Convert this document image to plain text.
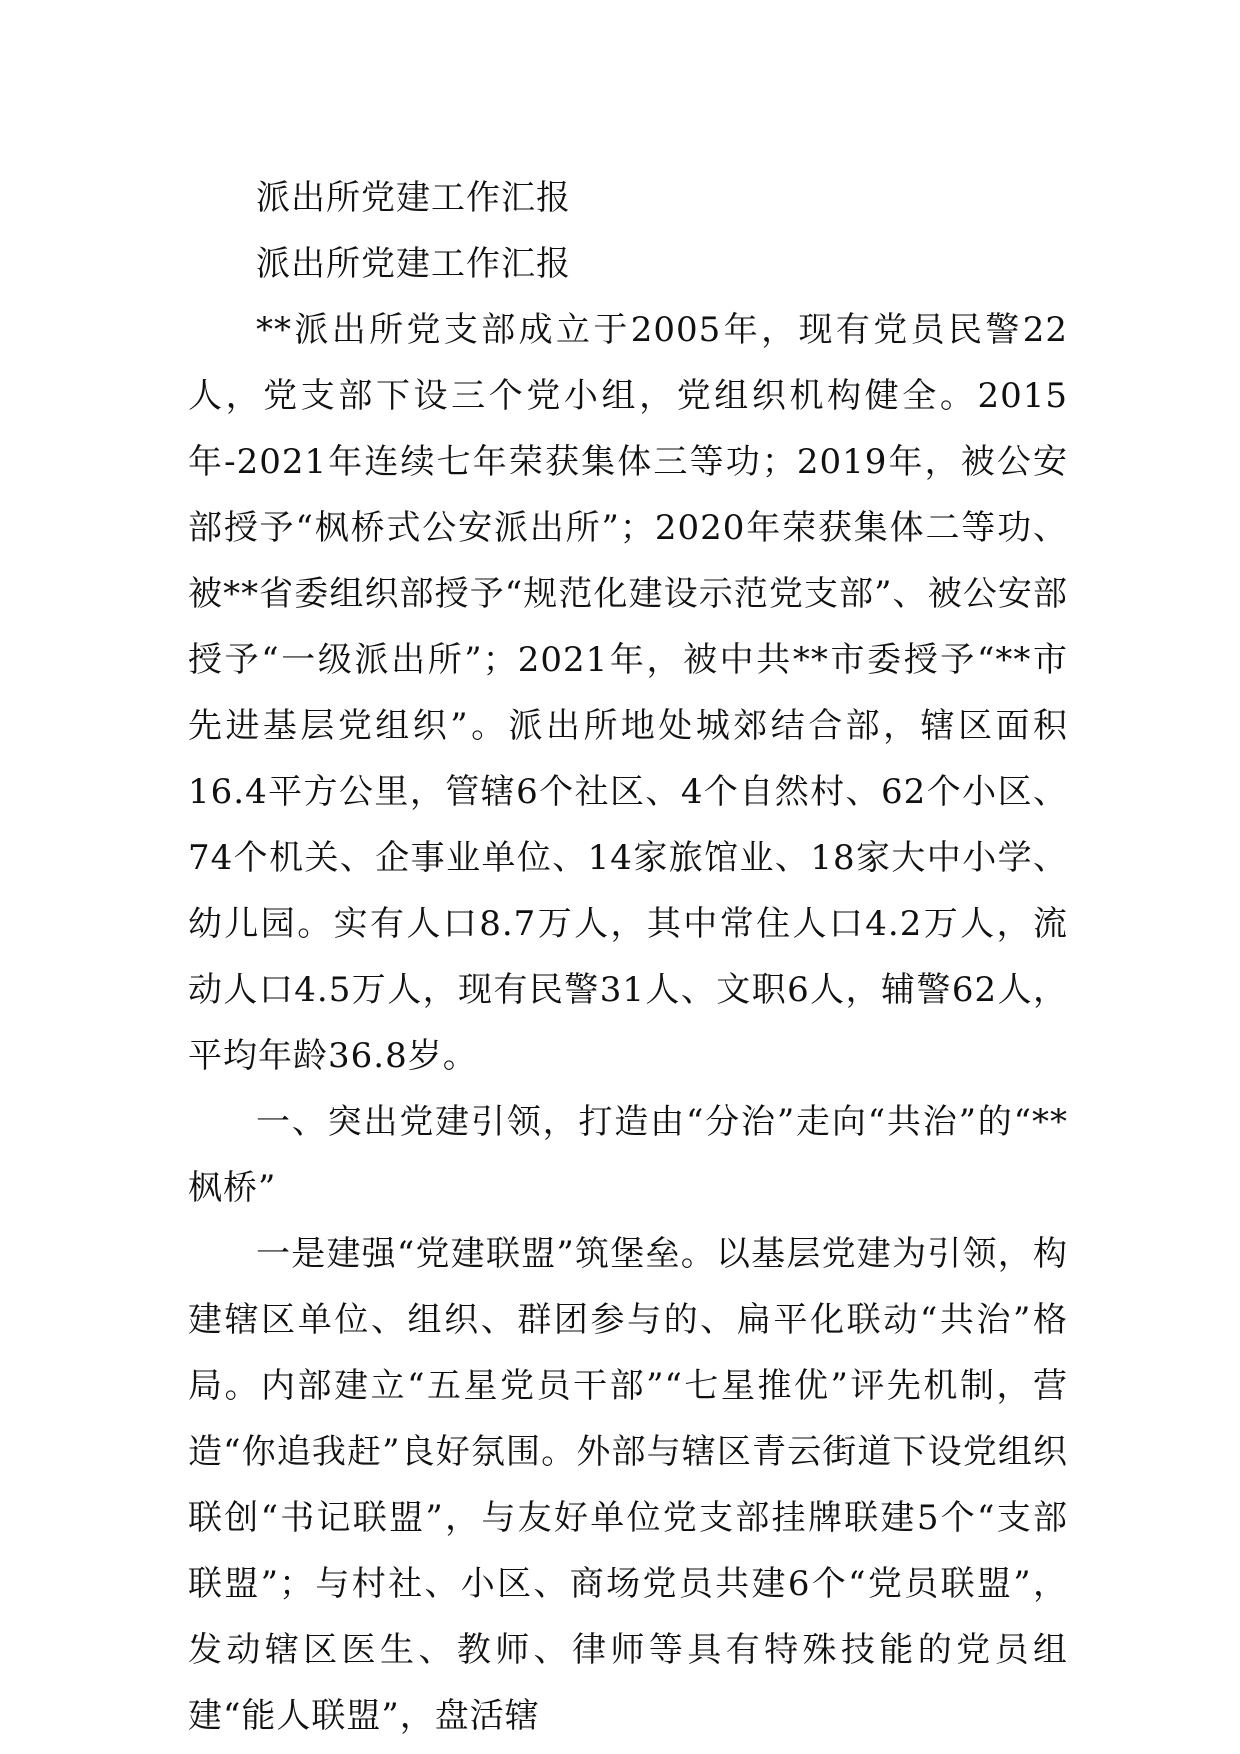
派出所党建工作汇报

派出所党建工作汇报

**派出所党支部成立于2005年，现有党员民警22人，党支部下设三个党小组，党组织机构健全。2015年-2021年连续七年荣获集体三等功；2019年，被公安部授予“枫桥式公安派出所”；2020年荣获集体二等功、被**省委组织部授予“规范化建设示范党支部”、被公安部授予“一级派出所”；2021年，被中共**市委授予“**市先进基层党组织”。派出所地处城郊结合部，辖区面积16.4平方公里，管辖6个社区、4个自然村、62个小区、74个机关、企事业单位、14家旅馆业、18家大中小学、幼儿园。实有人口8.7万人，其中常住人口4.2万人，流动人口4.5万人，现有民警31人、文职6人，辅警62人，平均年龄36.8岁。

一、突出党建引领，打造由“分治”走向“共治”的“**枫桥”

一是建强“党建联盟”筑堡垒。以基层党建为引领，构建辖区单位、组织、群团参与的、扁平化联动“共治”格局。内部建立“五星党员干部”“七星推优”评先机制，营造“你追我赶”良好氛围。外部与辖区青云街道下设党组织联创“书记联盟”，与友好单位党支部挂牌联建5个“支部联盟”；与村社、小区、商场党员共建6个“党员联盟”，发动辖区医生、教师、律师等具有特殊技能的党员组建“能人联盟”，盘活辖
